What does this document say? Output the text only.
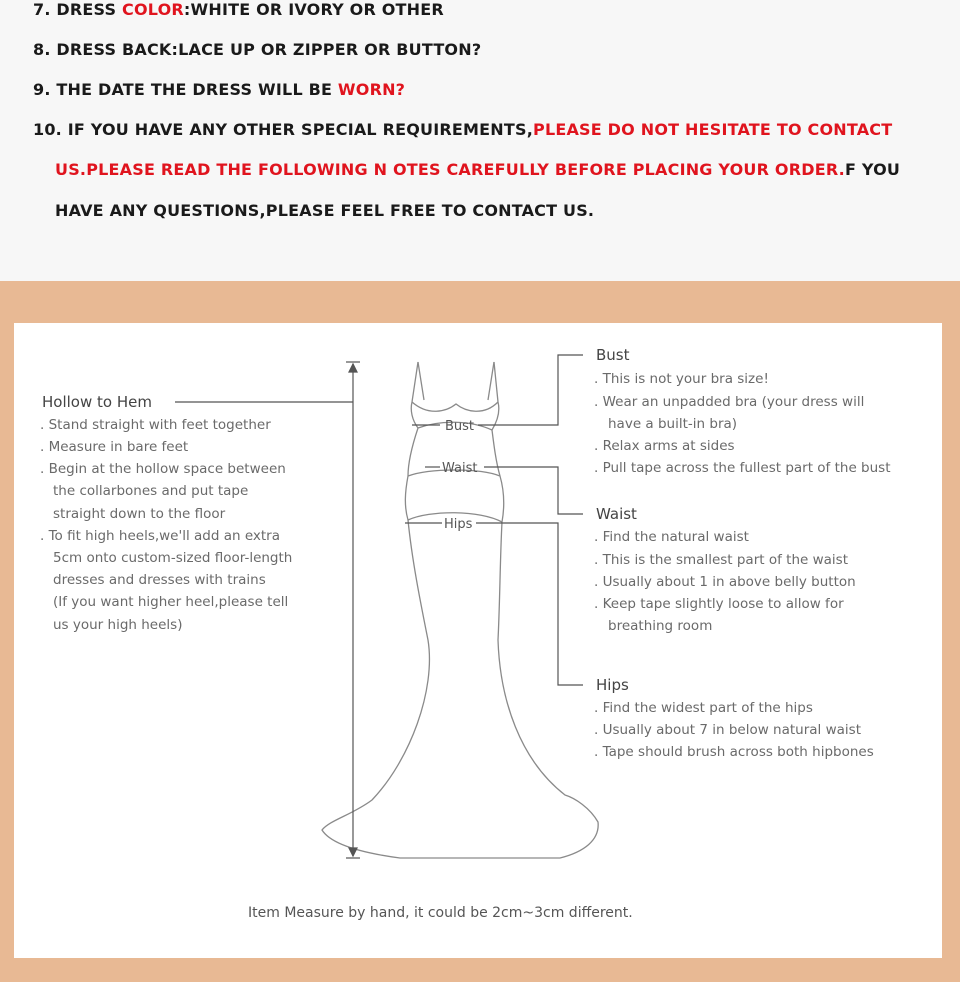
7. DRESS COLOR:WHITE OR IVORY OR OTHER
8. DRESS BACK:LACE UP OR ZIPPER OR BUTTON?
9. THE DATE THE DRESS WILL BE WORN?
10. IF YOU HAVE ANY OTHER SPECIAL REQUIREMENTS,PLEASE DO NOT HESITATE TO CONTACT
US.PLEASE READ THE FOLLOWING N OTES CAREFULLY BEFORE PLACING YOUR ORDER.F YOU
HAVE ANY QUESTIONS,PLEASE FEEL FREE TO CONTACT US.
Bust
Waist
Hips
Hollow to Hem
. Stand straight with feet together
. Measure in bare feet
. Begin at the hollow space between
the collarbones and put tape
straight down to the floor
. To fit high heels,we'll add an extra
5cm onto custom-sized floor-length
dresses and dresses with trains
(If you want higher heel,please tell
us your high heels)
Bust
. This is not your bra size!
. Wear an unpadded bra (your dress will
have a built-in bra)
. Relax arms at sides
. Pull tape across the fullest part of the bust
Waist
. Find the natural waist
. This is the smallest part of the waist
. Usually about 1 in above belly button
. Keep tape slightly loose to allow for
breathing room
Hips
. Find the widest part of the hips
. Usually about 7 in below natural waist
. Tape should brush across both hipbones
Item Measure by hand, it could be 2cm~3cm different.
